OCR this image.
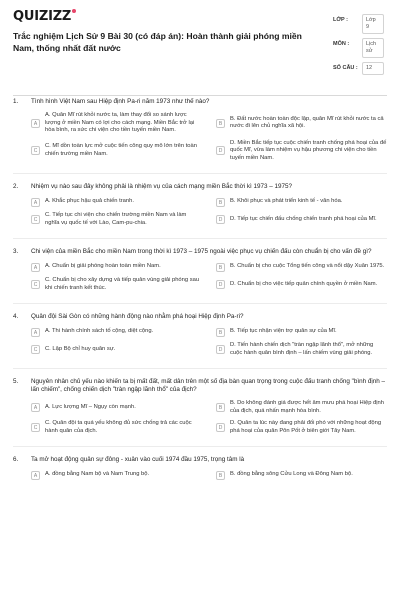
QUIZIZZ
Trắc nghiệm Lịch Sử 9 Bài 30 (có đáp án): Hoàn thành giải phóng miền Nam, thống nhất đất nước
LỚP :	Lớp 9
MÔN :	Lịch sử
SỐ CÂU :	12
1.	Tình hình Việt Nam sau Hiệp định Pa-ri năm 1973 như thế nào?
A
A. Quân Mĩ rút khỏi nước ta, làm thay đổi so sánh lược lượng ở miền Nam có lợi cho cách mạng. Miền Bắc trở lại hòa bình, ra sức chi viện cho tiền tuyến miền Nam.
B
B. Đất nước hoàn toàn độc lập, quân Mĩ rút khỏi nước ta cả nước đi lên chủ nghĩa xã hội.
C
C. Mĩ dồn toàn lực mở cuộc tiến công quy mô lớn trên toàn chiến trường miền Nam.	D
D. Miền Bắc tiếp tục cuộc chiến tranh chống phá hoại của đế quốc Mĩ, vừa làm nhiệm vụ hậu phương chi viện cho tiền tuyến miền Nam.
2.	Nhiệm vụ nào sau đây không phải là nhiệm vụ của cách mạng miền Bắc thời kì 1973 – 1975?
A	A. Khắc phục hậu quả chiến tranh.	B	B. Khôi phục và phát triển kinh tế - văn hóa.
C
C. Tiếp tục chi viện cho chiến trường miền Nam và làm nghĩa vụ quốc tế với Lào, Cam-pu-chia.	D	D. Tiếp tục chiến đấu chống chiến tranh phá hoại của Mĩ.
3.	Chi viện của miền Bắc cho miền Nam trong thời kì 1973 – 1975 ngoài việc phục vụ chiến đấu còn chuẩn bị cho vấn đề gì?
A	A. Chuẩn bị giải phóng hoàn toàn miền Nam.	B	B. Chuẩn bị cho cuộc Tổng tiến công và nổi dậy Xuân 1975.
C
C. Chuẩn bị cho xây dựng và tiếp quản vùng giải phóng sau khi chiến tranh kết thúc.	D	D. Chuẩn bị cho việc tiếp quản chính quyền ở miền Nam.
4.	Quân đội Sài Gòn có những hành động nào nhằm phá hoại Hiệp định Pa-ri?
A	A. Thi hành chính sách tố cộng, diệt cộng.	B	B. Tiếp tục nhận viện trợ quân sự của Mĩ.
C	C. Lập Bộ chỉ huy quân sự.	D
D. Tiến hành chiến dịch "tràn ngập lãnh thổ", mở những cuộc hành quân bình định – lấn chiếm vùng giải phóng.
5.	Nguyên nhân chủ yếu nào khiến ta bị mất đất, mất dân trên một số địa bàn quan trọng trong cuộc đấu tranh chống "bình định – lấn chiếm", chống chiến dịch "tràn ngập lãnh thổ" của địch?
A	A. Lực lượng Mĩ – Ngụy còn mạnh.	B
B. Do không đánh giá được hết âm mưu phá hoại Hiệp định của địch, quá nhấn mạnh hòa bình.
C
C. Quân đội ta quá yếu không đủ sức chống trả các cuộc hành quân của địch.	D
D. Quân ta lúc này đang phải đối phó với những hoạt động phá hoại của quân Pôn Pốt ở biên giới Tây Nam.
6.	Ta mở hoạt động quân sự đông - xuân vào cuối 1974 đầu 1975, trọng tâm là
A	A. đồng bằng Nam bộ và Nam Trung bộ.	B	B. đồng bằng sông Cửu Long và Đông Nam bộ.
